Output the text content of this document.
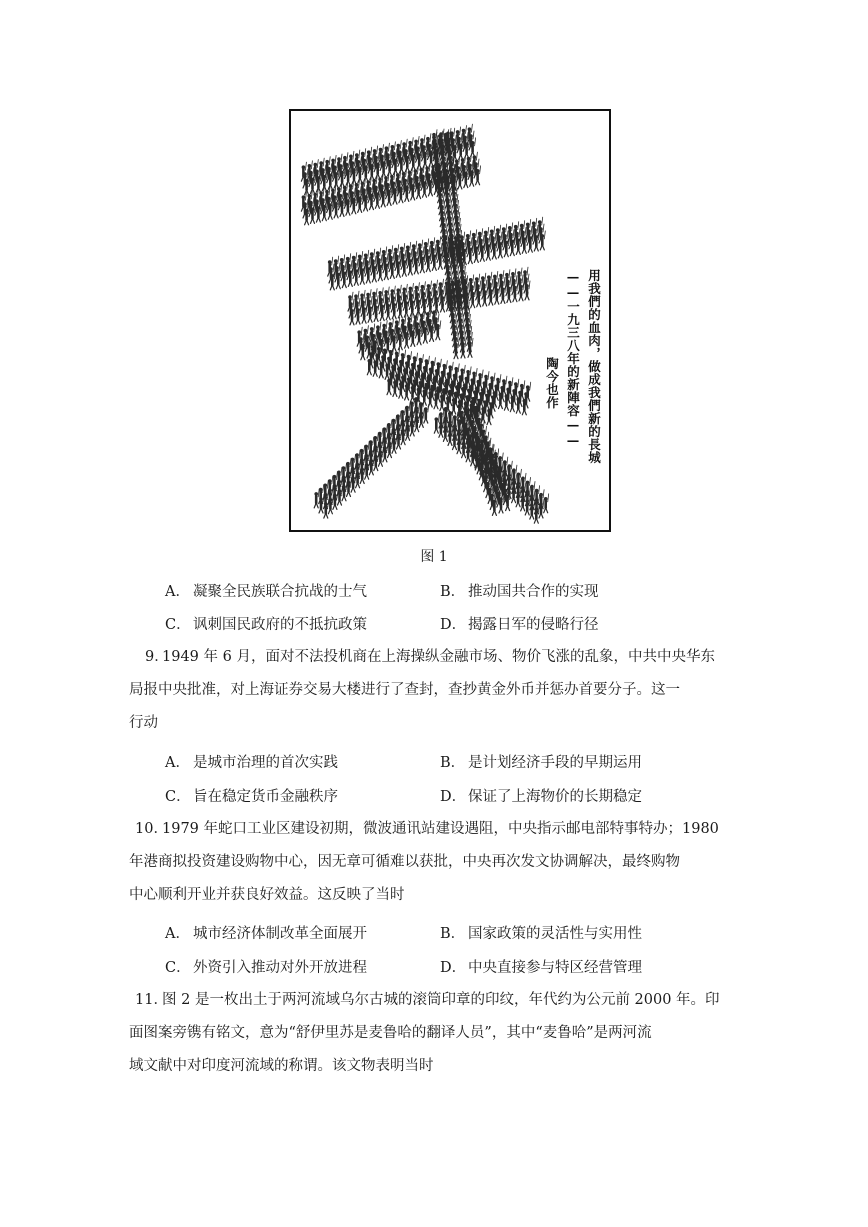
用我們的血肉，做成我們新的長城
——一九三八年的新陣容——
陶今也作
图 1
A． 凝聚全民族联合抗战的士气	B． 推动国共合作的实现
C． 讽刺国民政府的不抵抗政策	D． 揭露日军的侵略行径
9．
1949 年 6 月，面对不法投机商在上海操纵金融市场、物价飞涨的乱象，中共中央华东
局报中央批准，对上海证券交易大楼进行了查封，查抄黄金外币并惩办首要分子。这一
行动
A． 是城市治理的首次实践	B． 是计划经济手段的早期运用
C． 旨在稳定货币金融秩序	D． 保证了上海物价的长期稳定
10．
1979 年蛇口工业区建设初期，微波通讯站建设遇阻，中央指示邮电部特事特办；1980
年港商拟投资建设购物中心，因无章可循难以获批，中央再次发文协调解决，最终购物
中心顺利开业并获良好效益。这反映了当时
A． 城市经济体制改革全面展开	B． 国家政策的灵活性与实用性
C． 外资引入推动对外开放进程	D． 中央直接参与特区经营管理
11．
图 2 是一枚出土于两河流域乌尔古城的滚筒印章的印纹，年代约为公元前 2000 年。印
面图案旁镌有铭文，意为“舒伊里苏是麦鲁哈的翻译人员”，其中“麦鲁哈”是两河流
域文献中对印度河流域的称谓。该文物表明当时
